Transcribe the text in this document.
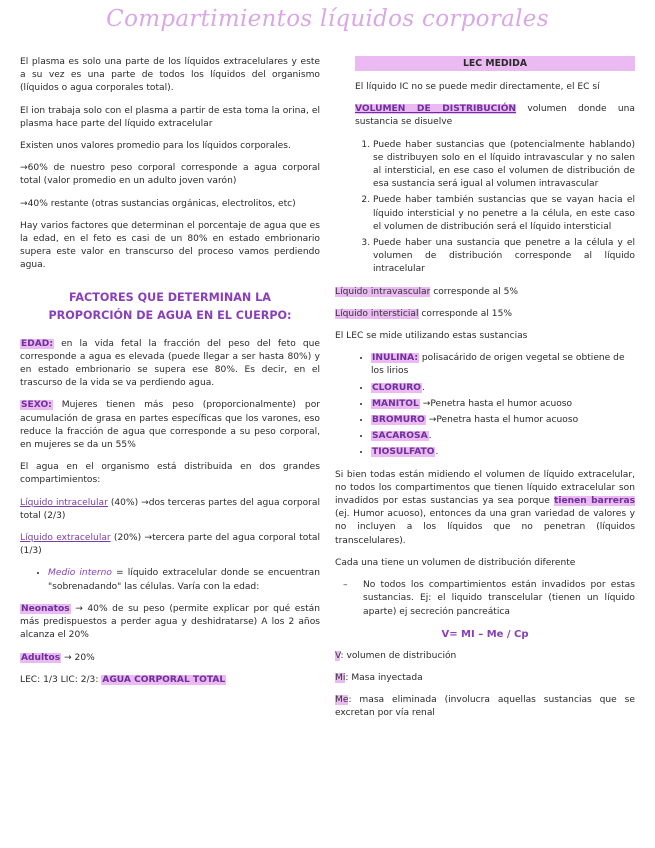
Compartimientos líquidos corporales

El plasma es solo una parte de los líquidos extracelulares y este a su vez es una parte de todos los líquidos del organismo (líquidos o agua corporales total).

El ion trabaja solo con el plasma a partir de esta toma la orina, el plasma hace parte del líquido extracelular

Existen unos valores promedio para los líquidos corporales.

→60% de nuestro peso corporal corresponde a agua corporal total (valor promedio en un adulto joven varón)

→40% restante (otras sustancias orgánicas, electrolitos, etc)

Hay varios factores que determinan el porcentaje de agua que es la edad, en el feto es casi de un 80% en estado embrionario supera este valor en transcurso del proceso vamos perdiendo agua.

FACTORES QUE DETERMINAN LA
PROPORCIÓN DE AGUA EN EL CUERPO:

EDAD: en la vida fetal la fracción del peso del feto que corresponde a agua es elevada (puede llegar a ser hasta 80%) y en estado embrionario se supera ese 80%. Es decir, en el trascurso de la vida se va perdiendo agua.

SEXO: Mujeres tienen más peso (proporcionalmente) por acumulación de grasa en partes específicas que los varones, eso reduce la fracción de agua que corresponde a su peso corporal, en mujeres se da un 55%

El agua en el organismo está distribuida en dos grandes compartimientos:

Líquido intracelular (40%) →dos terceras partes del agua corporal total (2/3)

Líquido extracelular (20%) →tercera parte del agua corporal total (1/3)

• Medio interno = líquido extracelular donde se encuentran "sobrenadando" las células. Varía con la edad:

Neonatos → 40% de su peso (permite explicar por qué están más predispuestos a perder agua y deshidratarse) A los 2 años alcanza el 20%

Adultos → 20%

LEC: 1/3 LIC: 2/3: AGUA CORPORAL TOTAL

LEC MEDIDA

El líquido IC no se puede medir directamente, el EC sí

VOLUMEN DE DISTRIBUCIÓN volumen donde una sustancia se disuelve

1. Puede haber sustancias que (potencialmente hablando) se distribuyen solo en el líquido intravascular y no salen al intersticial, en ese caso el volumen de distribución de esa sustancia será igual al volumen intravascular
2. Puede haber también sustancias que se vayan hacia el líquido intersticial y no penetre a la célula, en este caso el volumen de distribución será el líquido intersticial
3. Puede haber una sustancia que penetre a la célula y el volumen de distribución corresponde al líquido intracelular

Líquido intravascular corresponde al 5%

Líquido intersticial corresponde al 15%

El LEC se mide utilizando estas sustancias

• INULINA: polisacárido de origen vegetal se obtiene de los lirios
• CLORURO.
• MANITOL →Penetra hasta el humor acuoso
• BROMURO →Penetra hasta el humor acuoso
• SACAROSA.
• TIOSULFATO.

Si bien todas están midiendo el volumen de líquido extracelular, no todos los compartimentos que tienen líquido extracelular son invadidos por estas sustancias ya sea porque tienen barreras (ej. Humor acuoso), entonces da una gran variedad de valores y no incluyen a los líquidos que no penetran (líquidos transcelulares).

Cada una tiene un volumen de distribución diferente

– No todos los compartimientos están invadidos por estas sustancias. Ej: el liquido transcelular (tienen un líquido aparte) ej secreción pancreática

V= MI – Me / Cp

V: volumen de distribución

Mi: Masa inyectada

Me: masa eliminada (involucra aquellas sustancias que se excretan por vía renal
